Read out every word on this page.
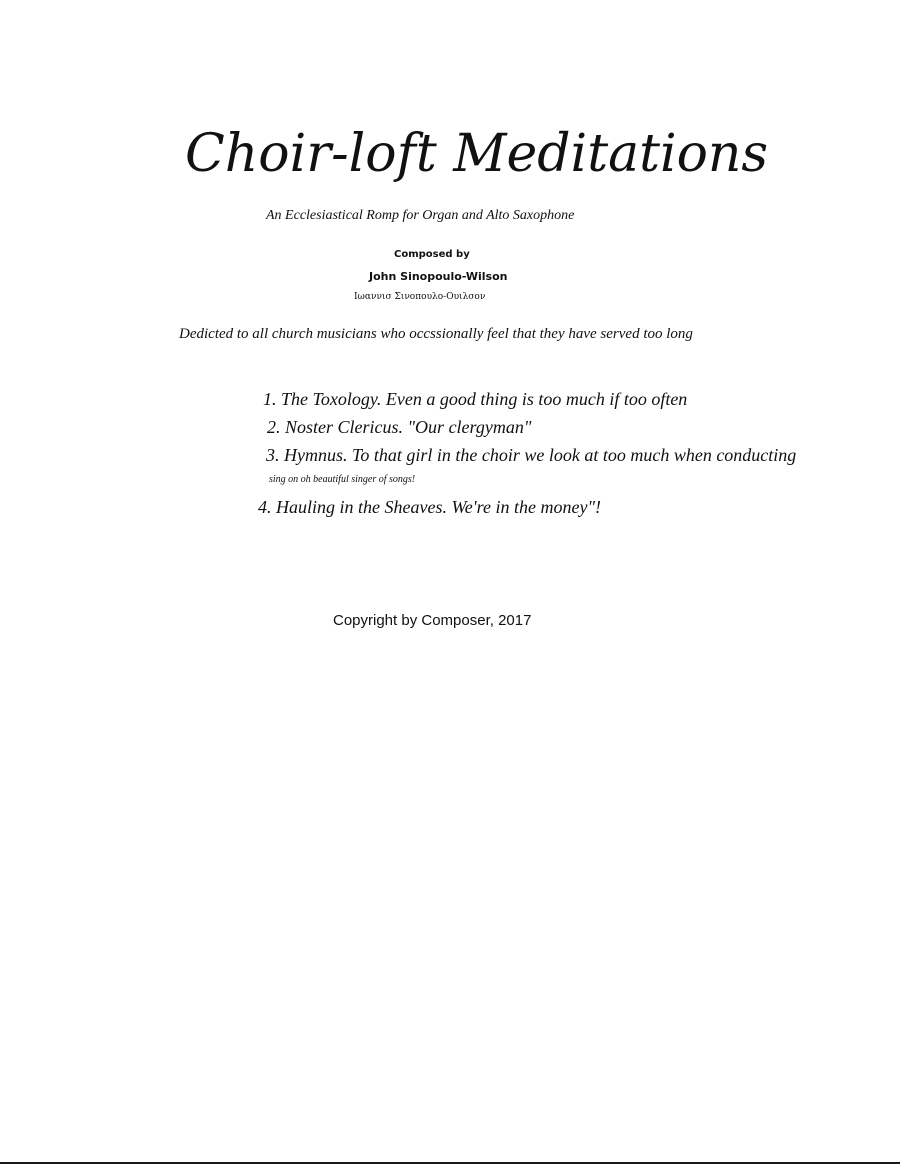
Choir-loft Meditations
An Ecclesiastical Romp for Organ and Alto Saxophone
Composed by
John Sinopoulo-Wilson
Ιωαννισ Σινοπουλο-Ουιλσον
Dedicted to all church musicians who occssionally feel that they have served too long
1. The Toxology. Even a good thing is too much if too often
2. Noster Clericus. "Our clergyman"
3. Hymnus. To that girl in the choir we look at too much when conducting
sing on oh beautiful singer of songs!
4. Hauling in the Sheaves. We're in the money"!
Copyright by Composer, 2017
